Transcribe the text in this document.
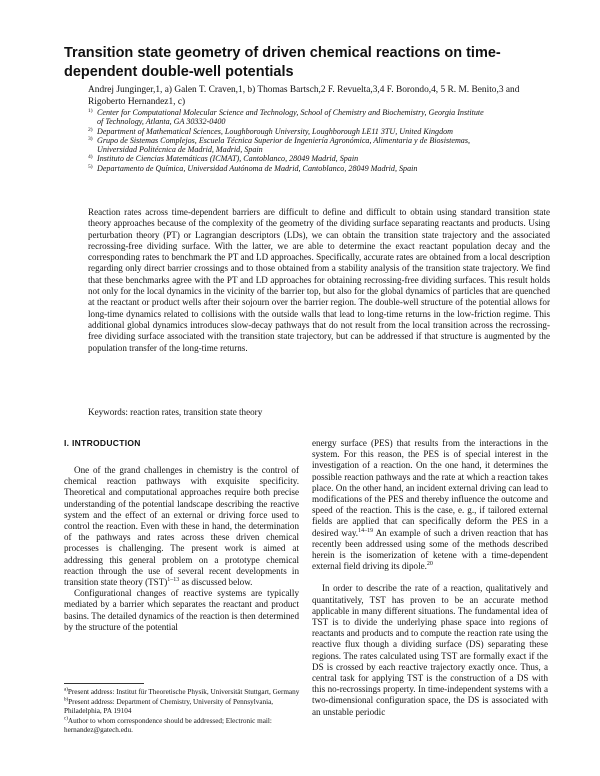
Transition state geometry of driven chemical reactions on time-dependent double-well potentials
Andrej Junginger,1, a) Galen T. Craven,1, b) Thomas Bartsch,2 F. Revuelta,3,4 F. Borondo,4, 5 R. M. Benito,3 and Rigoberto Hernandez1, c)
1) Center for Computational Molecular Science and Technology, School of Chemistry and Biochemistry, Georgia Institute of Technology, Atlanta, GA 30332-0400
2) Department of Mathematical Sciences, Loughborough University, Loughborough LE11 3TU, United Kingdom
3) Grupo de Sistemas Complejos, Escuela Técnica Superior de Ingeniería Agronómica, Alimentaria y de Biosistemas, Universidad Politécnica de Madrid, Madrid, Spain
4) Instituto de Ciencias Matemáticas (ICMAT), Cantoblanco, 28049 Madrid, Spain
5) Departamento de Química, Universidad Autónoma de Madrid, Cantoblanco, 28049 Madrid, Spain

Reaction rates across time-dependent barriers are difficult to define and difficult to obtain using standard transition state theory approaches because of the complexity of the geometry of the dividing surface separating reactants and products. Using perturbation theory (PT) or Lagrangian descriptors (LDs), we can obtain the transition state trajectory and the associated recrossing-free dividing surface. With the latter, we are able to determine the exact reactant population decay and the corresponding rates to benchmark the PT and LD approaches. Specifically, accurate rates are obtained from a local description regarding only direct barrier crossings and to those obtained from a stability analysis of the transition state trajectory. We find that these benchmarks agree with the PT and LD approaches for obtaining recrossing-free dividing surfaces. This result holds not only for the local dynamics in the vicinity of the barrier top, but also for the global dynamics of particles that are quenched at the reactant or product wells after their sojourn over the barrier region. The double-well structure of the potential allows for long-time dynamics related to collisions with the outside walls that lead to long-time returns in the low-friction regime. This additional global dynamics introduces slow-decay pathways that do not result from the local transition across the recrossing-free dividing surface associated with the transition state trajectory, but can be addressed if that structure is augmented by the population transfer of the long-time returns.

Keywords: reaction rates, transition state theory
I. INTRODUCTION

One of the grand challenges in chemistry is the control of chemical reaction pathways with exquisite specificity. Theoretical and computational approaches require both precise understanding of the potential landscape describing the reactive system and the effect of an external or driving force used to control the reaction. Even with these in hand, the determination of the pathways and rates across these driven chemical processes is challenging. The present work is aimed at addressing this general problem on a prototype chemical reaction through the use of several recent developments in transition state theory (TST)$^{1-13}$ as discussed below.

Configurational changes of reactive systems are typically mediated by a barrier which separates the reactant and product basins. The detailed dynamics of the reaction is then determined by the structure of the potential

energy surface (PES) that results from the interactions in the system. For this reason, the PES is of special interest in the investigation of a reaction. On the one hand, it determines the possible reaction pathways and the rate at which a reaction takes place. On the other hand, an incident external driving can lead to modifications of the PES and thereby influence the outcome and speed of the reaction. This is the case, e. g., if tailored external fields are applied that can specifically deform the PES in a desired way.$^{14-19}$ An example of such a driven reaction that has recently been addressed using some of the methods described herein is the isomerization of ketene with a time-dependent external field driving its dipole.$^{20}$

In order to describe the rate of a reaction, qualitatively and quantitatively, TST has proven to be an accurate method applicable in many different situations. The fundamental idea of TST is to divide the underlying phase space into regions of reactants and products and to compute the reaction rate using the reactive flux though a dividing surface (DS) separating these regions. The rates calculated using TST are formally exact if the DS is crossed by each reactive trajectory exactly once. Thus, a central task for applying TST is the construction of a DS with this no-recrossings property. In time-independent systems with a two-dimensional configuration space, the DS is associated with an unstable periodic

$^{a)}$Present address: Institut für Theoretische Physik, Universität Stuttgart, Germany
$^{b)}$Present address: Department of Chemistry, University of Pennsylvania, Philadelphia, PA 19104
$^{c)}$Author to whom correspondence should be addressed; Electronic mail: hernandez@gatech.edu.
